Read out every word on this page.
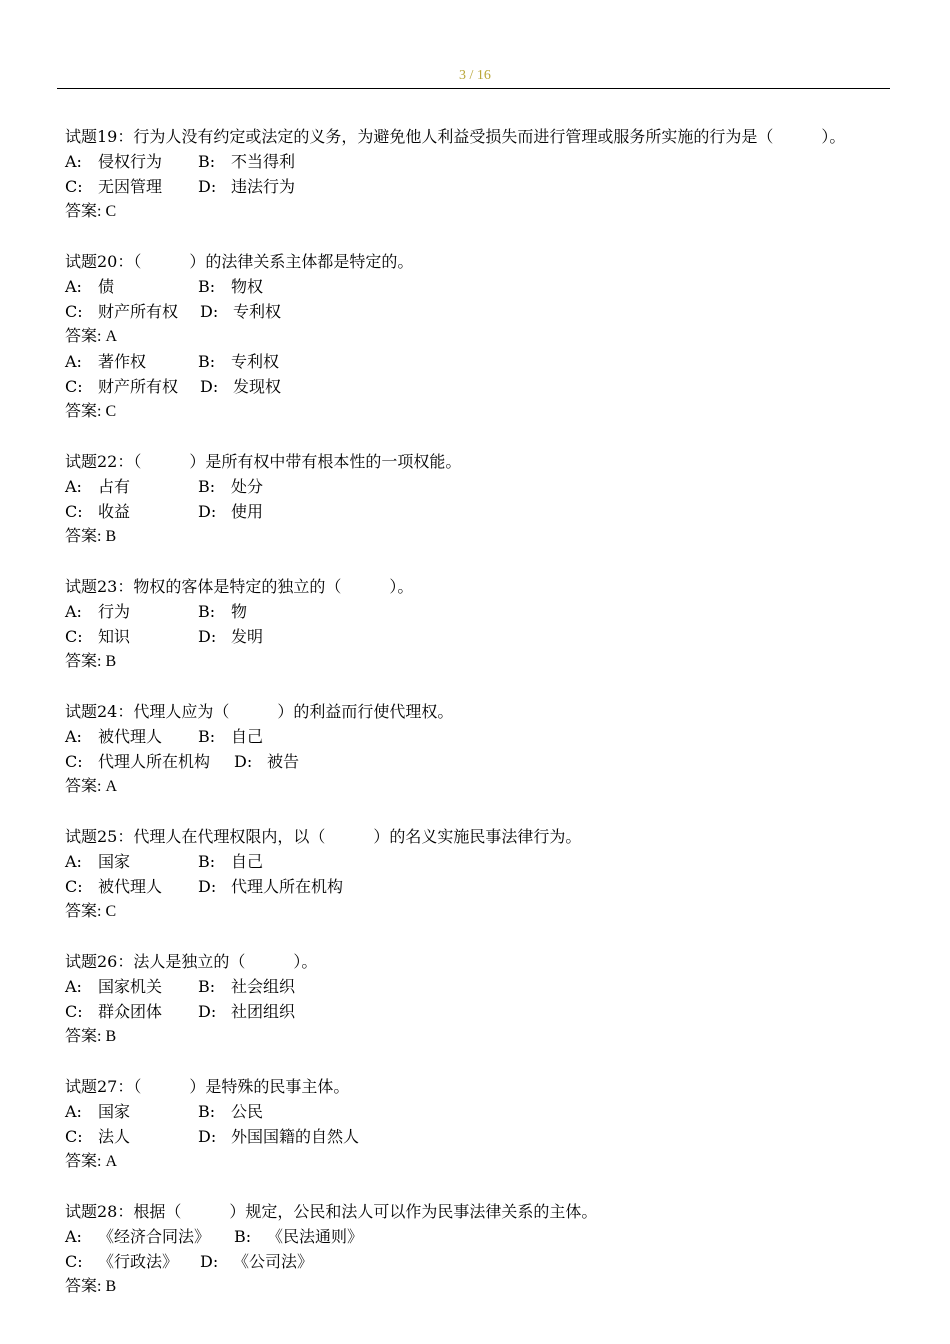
3 / 16
试题19：行为人没有约定或法定的义务，为避免他人利益受损失而进行管理或服务所实施的行为是（　　　）。
A: 侵权行为 B: 不当得利
C: 无因管理 D: 违法行为
答案: C
试题20：（　　　）的法律关系主体都是特定的。
A: 债	B: 物权
C: 财产所有权 D: 专利权
答案: A
A: 著作权	B: 专利权
C: 财产所有权 D: 发现权
答案: C
试题22：（　　　）是所有权中带有根本性的一项权能。
A: 占有	B: 处分
C: 收益	D: 使用
答案: B
试题23：物权的客体是特定的独立的（　　　）。
A: 行为	B: 物
C: 知识	D: 发明
答案: B
试题24：代理人应为（　　　）的利益而行使代理权。
A: 被代理人 B: 自己
C: 代理人所在机构 D: 被告
答案: A
试题25：代理人在代理权限内，以（　　　）的名义实施民事法律行为。
A: 国家	B: 自己
C: 被代理人 D: 代理人所在机构
答案: C
试题26：法人是独立的（　　　）。
A: 国家机关 B: 社会组织
C: 群众团体 D: 社团组织
答案: B
试题27：（　　　）是特殊的民事主体。
A: 国家	B: 公民
C: 法人	D: 外国国籍的自然人
答案: A
试题28：根据（　　　）规定，公民和法人可以作为民事法律关系的主体。
A: 《经济合同法》 B: 《民法通则》
C: 《行政法》 D: 《公司法》
答案: B
